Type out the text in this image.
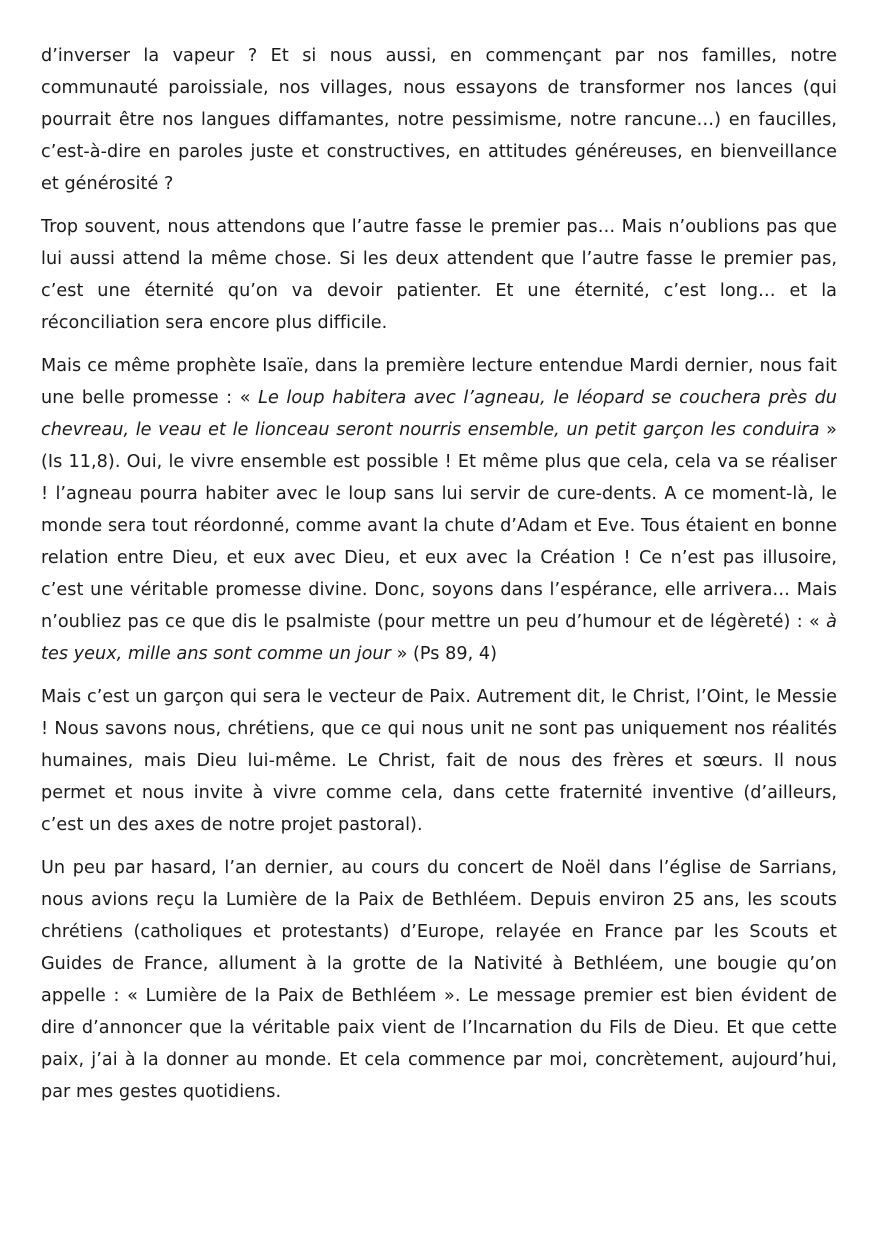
d’inverser la vapeur ? Et si nous aussi, en commençant par nos familles, notre communauté paroissiale, nos villages, nous essayons de transformer nos lances (qui pourrait être nos langues diffamantes, notre pessimisme, notre rancune…) en faucilles, c’est-à-dire en paroles juste et constructives, en attitudes généreuses, en bienveillance et générosité ?

Trop souvent, nous attendons que l’autre fasse le premier pas… Mais n’oublions pas que lui aussi attend la même chose. Si les deux attendent que l’autre fasse le premier pas, c’est une éternité qu’on va devoir patienter. Et une éternité, c’est long… et la réconciliation sera encore plus difficile.

Mais ce même prophète Isaïe, dans la première lecture entendue Mardi dernier, nous fait une belle promesse : « Le loup habitera avec l’agneau, le léopard se couchera près du chevreau, le veau et le lionceau seront nourris ensemble, un petit garçon les conduira » (Is 11,8). Oui, le vivre ensemble est possible ! Et même plus que cela, cela va se réaliser ! l’agneau pourra habiter avec le loup sans lui servir de cure-dents. A ce moment-là, le monde sera tout réordonné, comme avant la chute d’Adam et Eve. Tous étaient en bonne relation entre Dieu, et eux avec Dieu, et eux avec la Création ! Ce n’est pas illusoire, c’est une véritable promesse divine. Donc, soyons dans l’espérance, elle arrivera… Mais n’oubliez pas ce que dis le psalmiste (pour mettre un peu d’humour et de légèreté) : « à tes yeux, mille ans sont comme un jour » (Ps 89, 4)

Mais c’est un garçon qui sera le vecteur de Paix. Autrement dit, le Christ, l’Oint, le Messie ! Nous savons nous, chrétiens, que ce qui nous unit ne sont pas uniquement nos réalités humaines, mais Dieu lui-même. Le Christ, fait de nous des frères et sœurs. Il nous permet et nous invite à vivre comme cela, dans cette fraternité inventive (d’ailleurs, c’est un des axes de notre projet pastoral).

Un peu par hasard, l’an dernier, au cours du concert de Noël dans l’église de Sarrians, nous avions reçu la Lumière de la Paix de Bethléem. Depuis environ 25 ans, les scouts chrétiens (catholiques et protestants) d’Europe, relayée en France par les Scouts et Guides de France, allument à la grotte de la Nativité à Bethléem, une bougie qu’on appelle : « Lumière de la Paix de Bethléem ». Le message premier est bien évident de dire d’annoncer que la véritable paix vient de l’Incarnation du Fils de Dieu. Et que cette paix, j’ai à la donner au monde. Et cela commence par moi, concrètement, aujourd’hui, par mes gestes quotidiens.
